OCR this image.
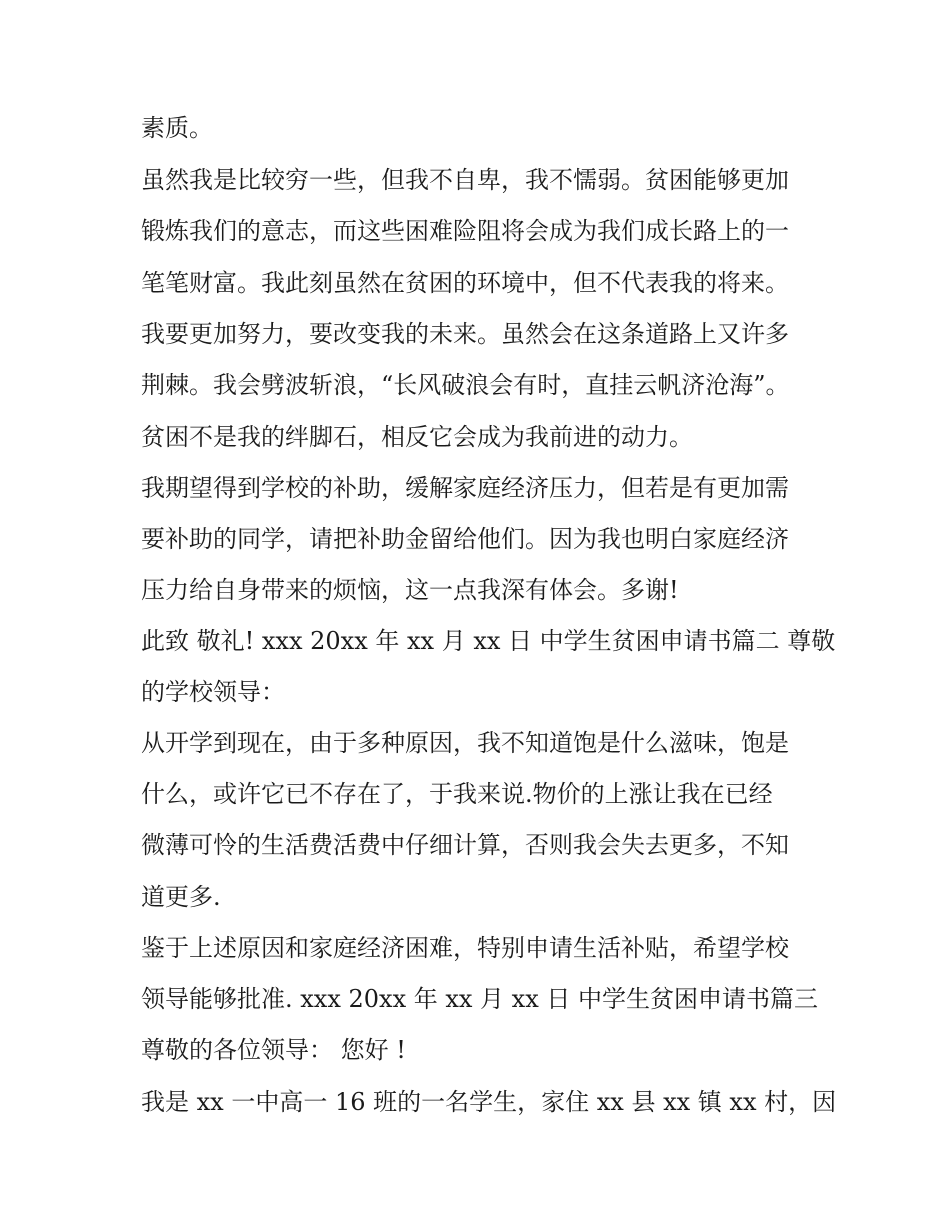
素质。

虽然我是比较穷一些，但我不自卑，我不懦弱。贫困能够更加

锻炼我们的意志，而这些困难险阻将会成为我们成长路上的一

笔笔财富。我此刻虽然在贫困的环境中，但不代表我的将来。

我要更加努力，要改变我的未来。虽然会在这条道路上又许多

荆棘。我会劈波斩浪，“长风破浪会有时，直挂云帆济沧海”。

贫困不是我的绊脚石，相反它会成为我前进的动力。

我期望得到学校的补助，缓解家庭经济压力，但若是有更加需

要补助的同学，请把补助金留给他们。因为我也明白家庭经济

压力给自身带来的烦恼，这一点我深有体会。多谢!

此致 敬礼! xxx 20xx 年 xx 月 xx 日 中学生贫困申请书篇二 尊敬

的学校领导：

从开学到现在，由于多种原因，我不知道饱是什么滋味，饱是

什么，或许它已不存在了，于我来说.物价的上涨让我在已经

微薄可怜的生活费活费中仔细计算，否则我会失去更多，不知

道更多.

鉴于上述原因和家庭经济困难，特别申请生活补贴，希望学校

领导能够批准. xxx 20xx 年 xx 月 xx 日 中学生贫困申请书篇三

尊敬的各位领导： 您好 !

我是 xx 一中高一 16 班的一名学生，家住 xx 县 xx 镇 xx 村，因
